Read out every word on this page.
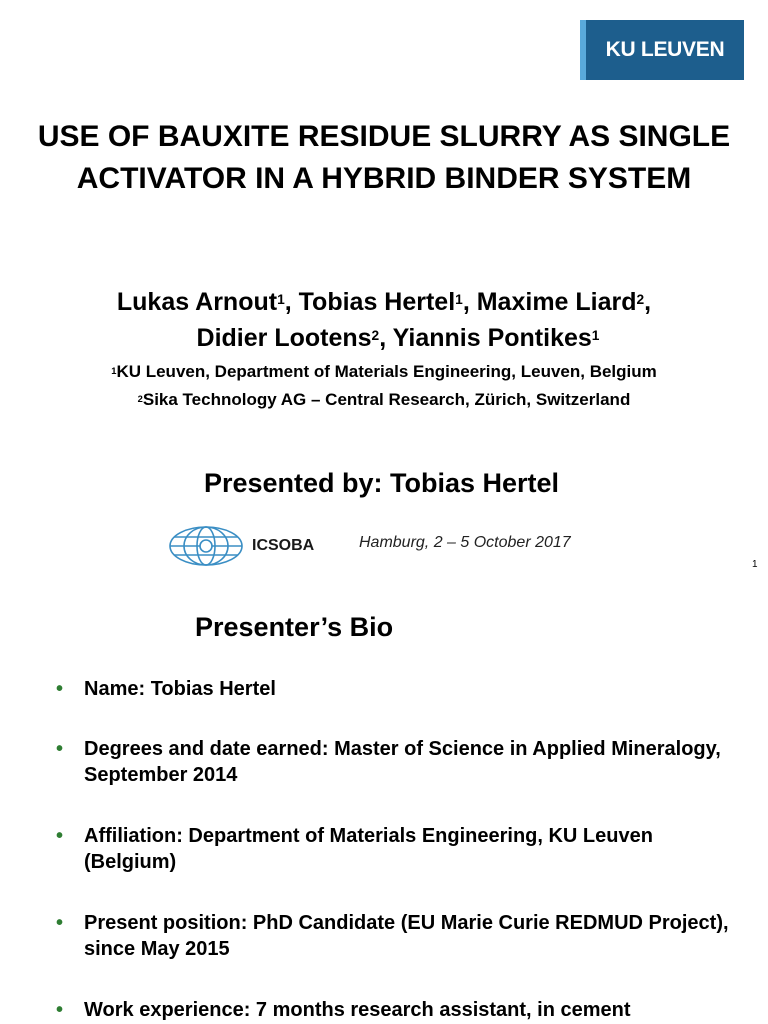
KU LEUVEN
USE OF BAUXITE RESIDUE SLURRY AS SINGLE ACTIVATOR IN A HYBRID BINDER SYSTEM
Lukas Arnout$^1$, Tobias Hertel$^1$, Maxime Liard$^2$,
Didier Lootens$^2$, Yiannis Pontikes$^1$
$^1$KU Leuven, Department of Materials Engineering, Leuven, Belgium
$^2$Sika Technology AG – Central Research, Zürich, Switzerland
Presented by: Tobias Hertel
ICSOBA	Hamburg, 2 – 5 October 2017
1
Presenter’s Bio
•	Name: Tobias Hertel
•	Degrees and date earned: Master of Science in Applied Mineralogy, September 2014
•	Affiliation: Department of Materials Engineering, KU Leuven (Belgium)
•	Present position: PhD Candidate (EU Marie Curie REDMUD Project), since May 2015
•	Work experience: 7 months research assistant, in cement
